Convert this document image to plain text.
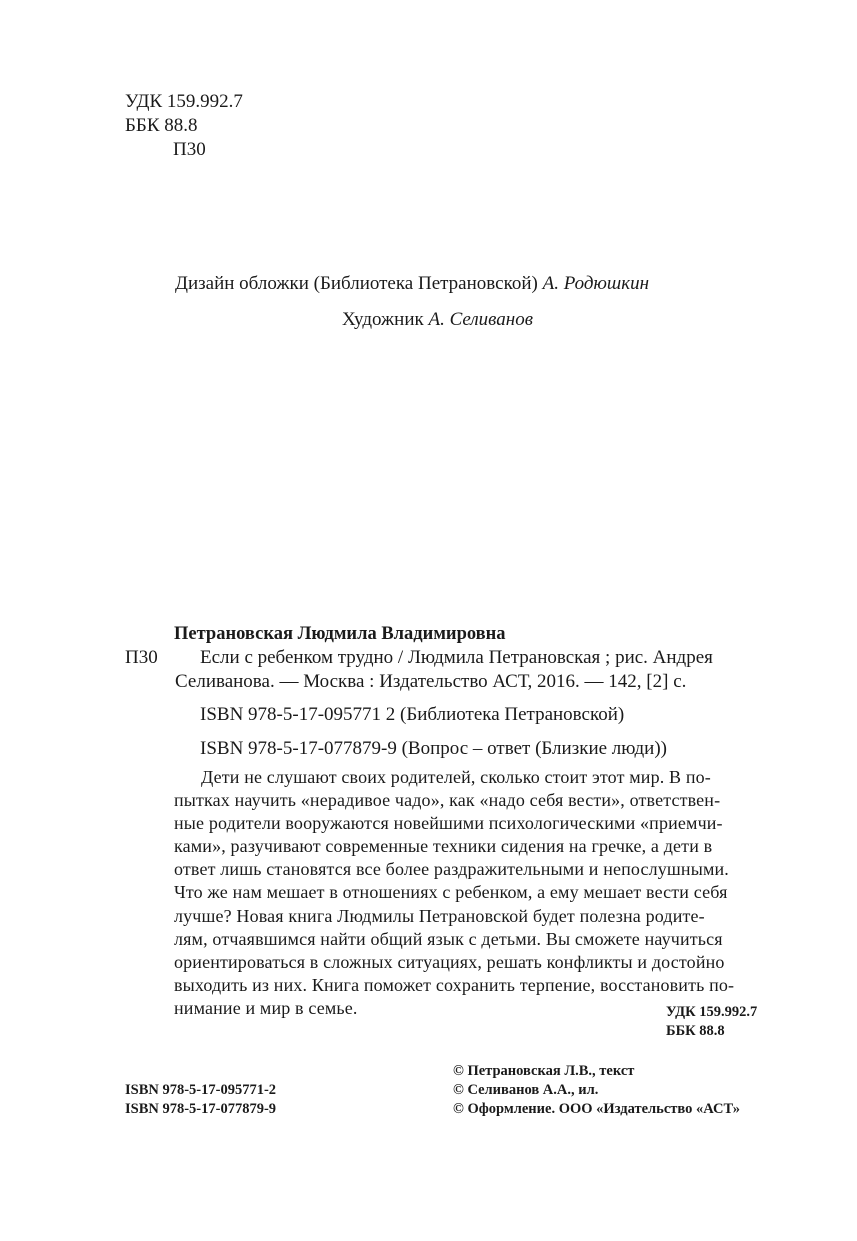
УДК 159.992.7
ББК 88.8
П30
Дизайн обложки (Библиотека Петрановской) А. Родюшкин
Художник А. Селиванов
Петрановская Людмила Владимировна
П30 Если с ребенком трудно / Людмила Петрановская ; рис. Андрея
Селиванова. — Москва : Издательство АСТ, 2016. — 142, [2] с.
ISBN 978-5-17-095771 2 (Библиотека Петрановской)
ISBN 978-5-17-077879-9 (Вопрос – ответ (Близкие люди))
Дети не слушают своих родителей, сколько стоит этот мир. В по-
пытках научить «нерадивое чадо», как «надо себя вести», ответствен-
ные родители вооружаются новейшими психологическими «приемчи-
ками», разучивают современные техники сидения на гречке, а дети в
ответ лишь становятся все более раздражительными и непослушными.
Что же нам мешает в отношениях с ребенком, а ему мешает вести себя
лучше? Новая книга Людмилы Петрановской будет полезна родите-
лям, отчаявшимся найти общий язык с детьми. Вы сможете научиться
ориентироваться в сложных ситуациях, решать конфликты и достойно
выходить из них. Книга поможет сохранить терпение, восстановить по-
нимание и мир в семье.	УДК 159.992.7
ББК 88.8
ISBN 978-5-17-095771-2
ISBN 978-5-17-077879-9
© Петрановская Л.В., текст
© Селиванов А.А., ил.
© Оформление. ООО «Издательство «АСТ»
